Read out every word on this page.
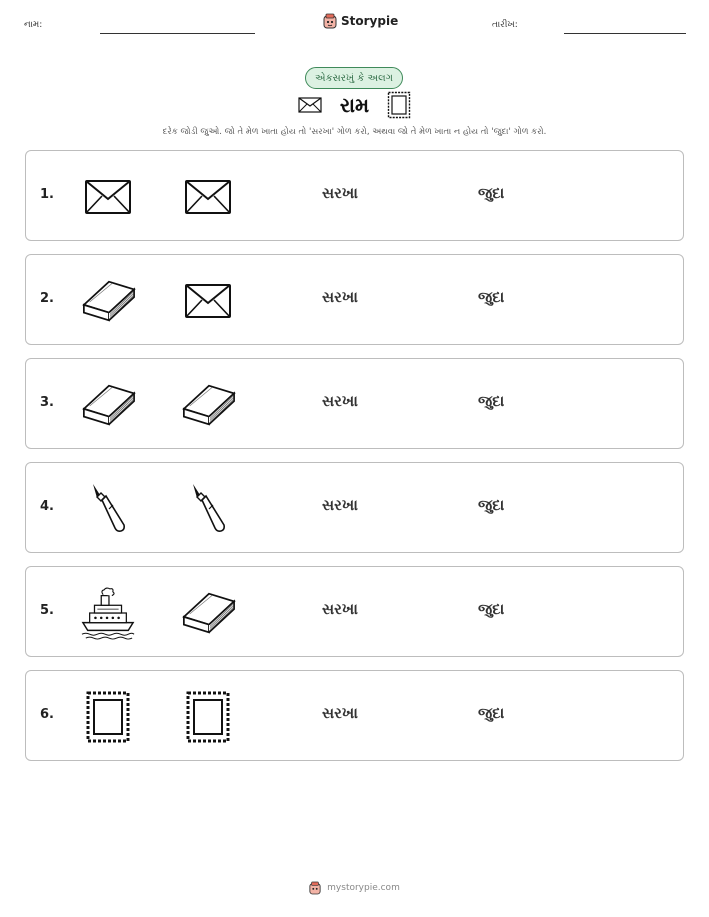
નામ:	Storypie	તારીખ:
એકસરખું કે અલગ
રામ
દરેક જોડી જુઓ. જો તે મેળ ખાતા હોય તો 'સરખા' ગોળ કરો, અથવા જો તે મેળ ખાતા ન હોય તો 'જુદા' ગોળ કરો.
1.	સરખા	જુદા
2.	સરખા	જુદા
3.	સરખા	જુદા
4.	સરખા	જુદા
5.	સરખા	જુદા
6.	સરખા	જુદા
mystorypie.com
